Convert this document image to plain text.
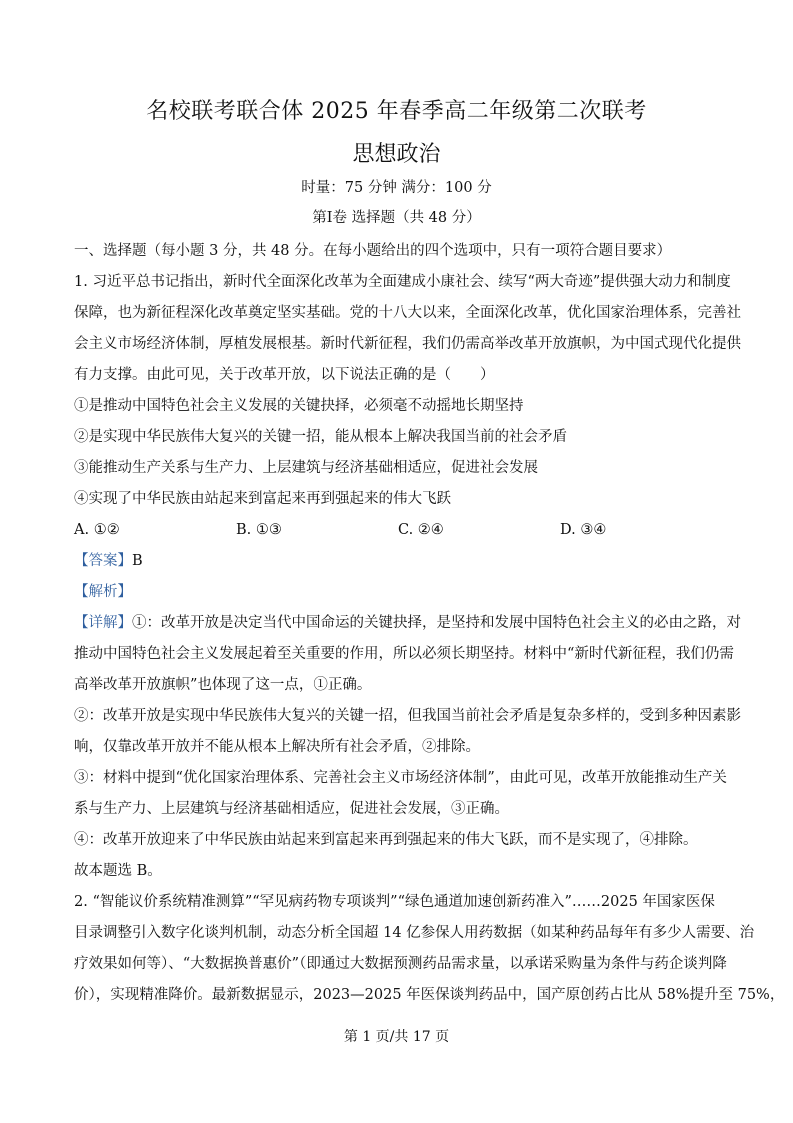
名校联考联合体 2025 年春季高二年级第二次联考
思想政治
时量：75 分钟 满分：100 分
第Ⅰ卷 选择题（共 48 分）
一、选择题（每小题 3 分，共 48 分。在每小题给出的四个选项中，只有一项符合题目要求）
1. 习近平总书记指出，新时代全面深化改革为全面建成小康社会、续写“两大奇迹”提供强大动力和制度
保障，也为新征程深化改革奠定坚实基础。党的十八大以来，全面深化改革，优化国家治理体系，完善社
会主义市场经济体制，厚植发展根基。新时代新征程，我们仍需高举改革开放旗帜，为中国式现代化提供
有力支撑。由此可见，关于改革开放，以下说法正确的是（　　）
①是推动中国特色社会主义发展的关键抉择，必须毫不动摇地长期坚持
②是实现中华民族伟大复兴的关键一招，能从根本上解决我国当前的社会矛盾
③能推动生产关系与生产力、上层建筑与经济基础相适应，促进社会发展
④实现了中华民族由站起来到富起来再到强起来的伟大飞跃
A. ①②	B. ①③	C. ②④	D. ③④
【答案】B
【解析】
【详解】①：改革开放是决定当代中国命运的关键抉择，是坚持和发展中国特色社会主义的必由之路，对
推动中国特色社会主义发展起着至关重要的作用，所以必须长期坚持。材料中“新时代新征程，我们仍需
高举改革开放旗帜”也体现了这一点，①正确。
②：改革开放是实现中华民族伟大复兴的关键一招，但我国当前社会矛盾是复杂多样的，受到多种因素影
响，仅靠改革开放并不能从根本上解决所有社会矛盾，②排除。
③：材料中提到“优化国家治理体系、完善社会主义市场经济体制”，由此可见，改革开放能推动生产关
系与生产力、上层建筑与经济基础相适应，促进社会发展，③正确。
④：改革开放迎来了中华民族由站起来到富起来再到强起来的伟大飞跃，而不是实现了，④排除。
故本题选 B。
2. “智能议价系统精准测算”“罕见病药物专项谈判”“绿色通道加速创新药准入”……2025 年国家医保
目录调整引入数字化谈判机制，动态分析全国超 14 亿参保人用药数据（如某种药品每年有多少人需要、治
疗效果如何等）、“大数据换普惠价”（即通过大数据预测药品需求量，以承诺采购量为条件与药企谈判降
价），实现精准降价。最新数据显示，2023—2025 年医保谈判药品中，国产原创药占比从 58%提升至 75%，
第 1 页/共 17 页
